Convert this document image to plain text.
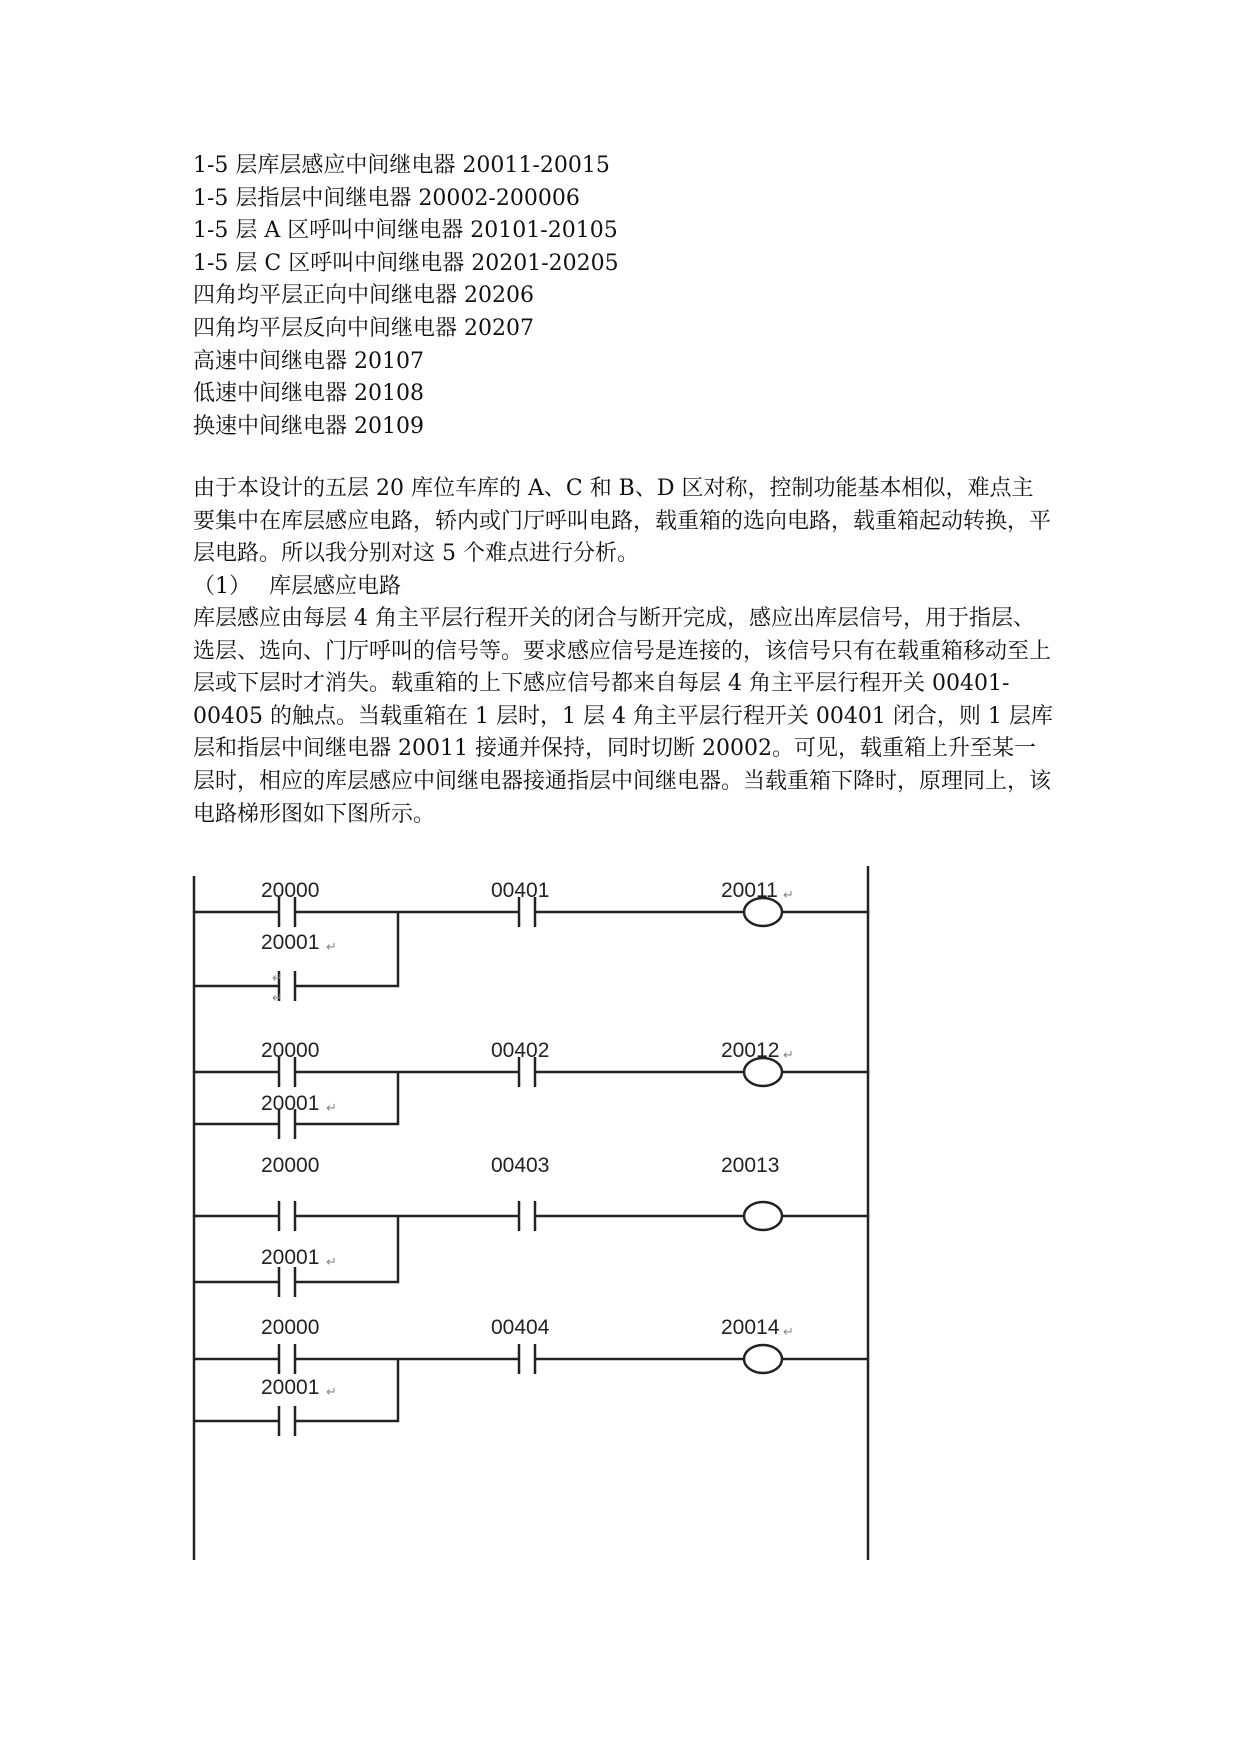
1-5 层库层感应中间继电器 20011-20015
1-5 层指层中间继电器 20002-200006
1-5 层 A 区呼叫中间继电器 20101-20105
1-5 层 C 区呼叫中间继电器 20201-20205
四角均平层正向中间继电器 20206
四角均平层反向中间继电器 20207
高速中间继电器 20107
低速中间继电器 20108
换速中间继电器 20109

由于本设计的五层 20 库位车库的 A、C 和 B、D 区对称，控制功能基本相似，难点主要集中在库层感应电路，轿内或门厅呼叫电路，载重箱的选向电路，载重箱起动转换，平层电路。所以我分别对这 5 个难点进行分析。

（1） 库层感应电路

库层感应由每层 4 角主平层行程开关的闭合与断开完成，感应出库层信号，用于指层、选层、选向、门厅呼叫的信号等。要求感应信号是连接的，该信号只有在载重箱移动至上层或下层时才消失。载重箱的上下感应信号都来自每层 4 角主平层行程开关 00401-00405 的触点。当载重箱在 1 层时，1 层 4 角主平层行程开关 00401 闭合，则 1 层库层和指层中间继电器 20011 接通并保持，同时切断 20002。可见，载重箱上升至某一层时，相应的库层感应中间继电器接通指层中间继电器。当载重箱下降时，原理同上，该电路梯形图如下图所示。

20000
20001 ↵
00401	20011 ↵
↵
↵
20000
20001 ↵
00402	20012 ↵
20000
20001 ↵
00403	20013
20000
20001 ↵
00404	20014 ↵
